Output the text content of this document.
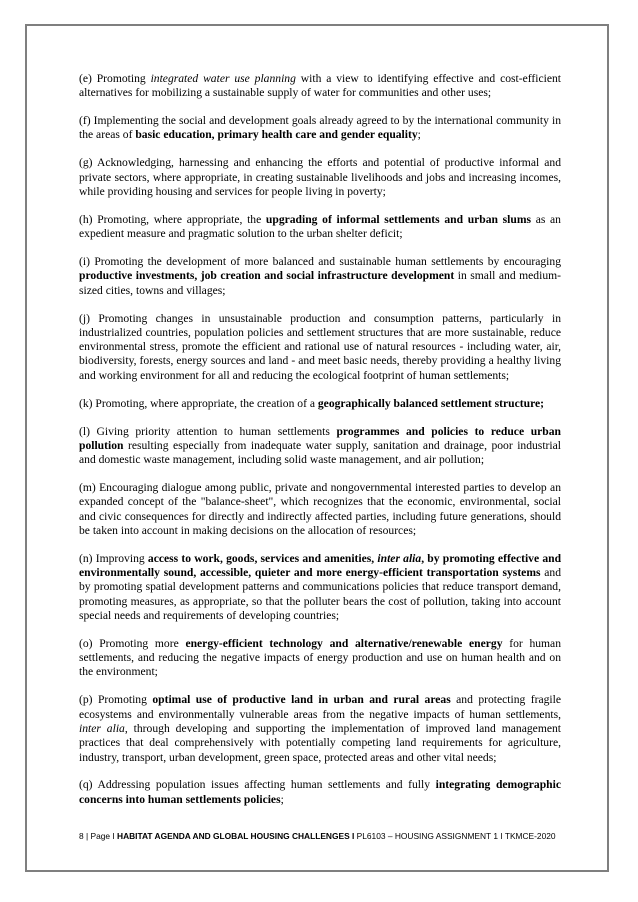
(e) Promoting integrated water use planning with a view to identifying effective and cost-efficient alternatives for mobilizing a sustainable supply of water for communities and other uses;

(f) Implementing the social and development goals already agreed to by the international community in the areas of basic education, primary health care and gender equality;

(g) Acknowledging, harnessing and enhancing the efforts and potential of productive informal and private sectors, where appropriate, in creating sustainable livelihoods and jobs and increasing incomes, while providing housing and services for people living in poverty;

(h) Promoting, where appropriate, the upgrading of informal settlements and urban slums as an expedient measure and pragmatic solution to the urban shelter deficit;

(i) Promoting the development of more balanced and sustainable human settlements by encouraging productive investments, job creation and social infrastructure development in small and medium-sized cities, towns and villages;

(j) Promoting changes in unsustainable production and consumption patterns, particularly in industrialized countries, population policies and settlement structures that are more sustainable, reduce environmental stress, promote the efficient and rational use of natural resources - including water, air, biodiversity, forests, energy sources and land - and meet basic needs, thereby providing a healthy living and working environment for all and reducing the ecological footprint of human settlements;

(k) Promoting, where appropriate, the creation of a geographically balanced settlement structure;

(l) Giving priority attention to human settlements programmes and policies to reduce urban pollution resulting especially from inadequate water supply, sanitation and drainage, poor industrial and domestic waste management, including solid waste management, and air pollution;

(m) Encouraging dialogue among public, private and nongovernmental interested parties to develop an expanded concept of the "balance-sheet", which recognizes that the economic, environmental, social and civic consequences for directly and indirectly affected parties, including future generations, should be taken into account in making decisions on the allocation of resources;

(n) Improving access to work, goods, services and amenities, inter alia, by promoting effective and environmentally sound, accessible, quieter and more energy-efficient transportation systems and by promoting spatial development patterns and communications policies that reduce transport demand, promoting measures, as appropriate, so that the polluter bears the cost of pollution, taking into account special needs and requirements of developing countries;

(o) Promoting more energy-efficient technology and alternative/renewable energy for human settlements, and reducing the negative impacts of energy production and use on human health and on the environment;

(p) Promoting optimal use of productive land in urban and rural areas and protecting fragile ecosystems and environmentally vulnerable areas from the negative impacts of human settlements, inter alia, through developing and supporting the implementation of improved land management practices that deal comprehensively with potentially competing land requirements for agriculture, industry, transport, urban development, green space, protected areas and other vital needs;

(q) Addressing population issues affecting human settlements and fully integrating demographic concerns into human settlements policies;

8 | Page I HABITAT AGENDA AND GLOBAL HOUSING CHALLENGES I PL6103 – HOUSING ASSIGNMENT 1 I TKMCE-2020
